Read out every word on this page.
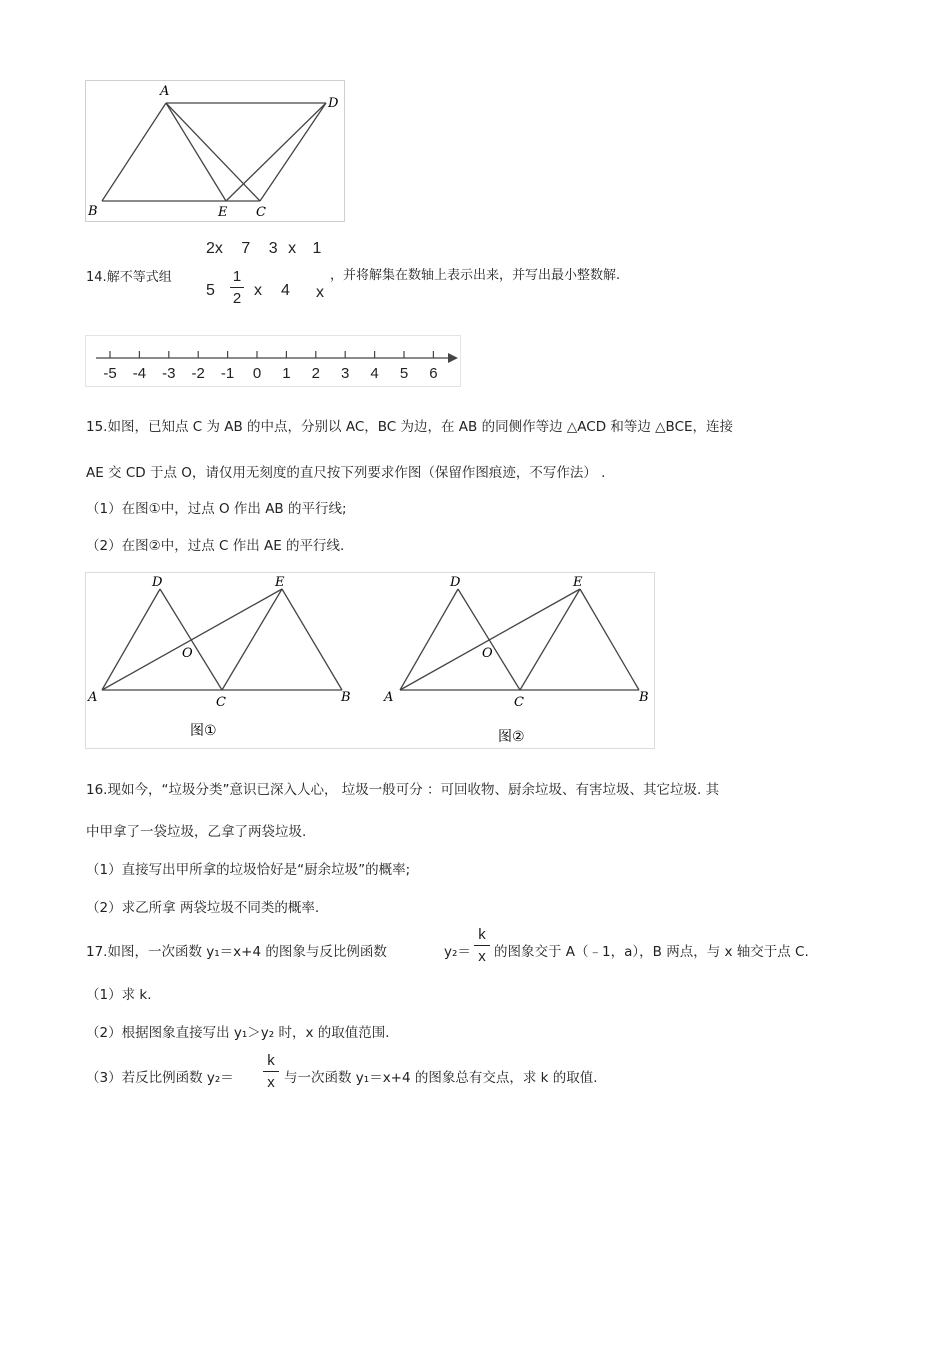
A
D
B	E C
2x 7 3 x 1
14.解不等式组
5
1
2 x 4 x
，并将解集在数轴上表示出来，并写出最小整数解.
-5 -4 -3 -2 -1 0 1 2 3 4 5 6
15.如图，已知点 C 为 AB 的中点，分别以 AC，BC 为边，在 AB 的同侧作等边 △ACD 和等边 △BCE，连接
AE 交 CD 于点 O，请仅用无刻度的直尺按下列要求作图（保留作图痕迹，不写作法） .
（1）在图①中，过点 O 作出 AB 的平行线;
（2）在图②中，过点 C 作出 AE 的平行线.
D	E
O
A	C	B
D	E
O
A	C	B
图①	图②
16.现如今，“垃圾分类”意识已深入人心， 垃圾一般可分 ：可回收物、厨余垃圾、有害垃圾、其它垃圾. 其
中甲拿了一袋垃圾，乙拿了两袋垃圾.
（1）直接写出甲所拿的垃圾恰好是“厨余垃圾”的概率;
（2）求乙所拿 两袋垃圾不同类的概率.
17.如图，一次函数 y₁＝x+4 的图象与反比例函数	y₂＝
k
x 的图象交于 A（﹣1，a），B 两点，与 x 轴交于点 C.
（1）求 k.
（2）根据图象直接写出 y₁＞y₂ 时，x 的取值范围.
（3）若反比例函数 y₂＝
k
x 与一次函数 y₁＝x+4 的图象总有交点，求 k 的取值.
